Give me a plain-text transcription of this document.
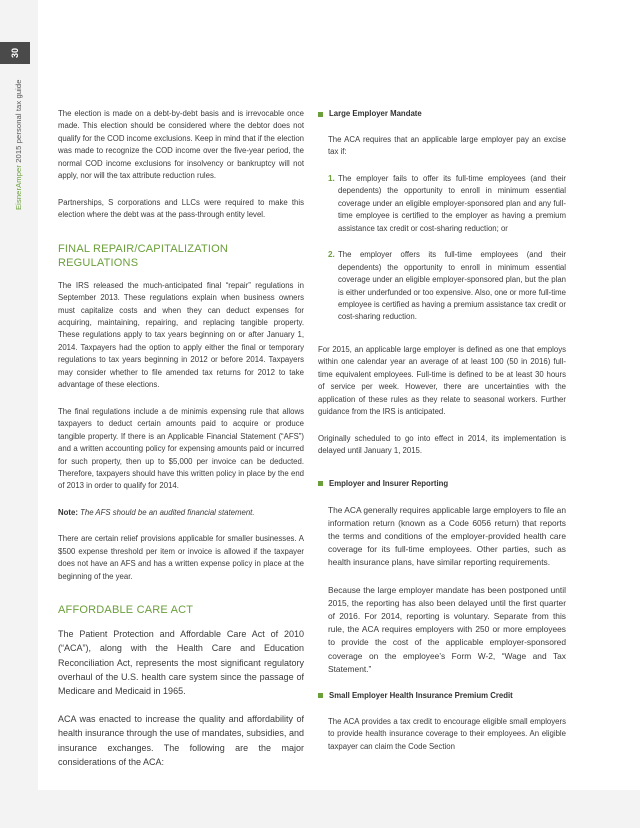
30
EisnerAmper 2015 personal tax guide	The election is made on a debt-by-debt basis and is irrevocable once made. This election should be considered where the debtor does not qualify for the COD income exclusions. Keep in mind that if the election was made to recognize the COD income over the five-year period, the normal COD income exclusions for insolvency or bankruptcy will not apply, nor will the tax attribute reduction rules.

Partnerships, S corporations and LLCs were required to make this election where the debt was at the pass-through entity level.

FINAL REPAIR/CAPITALIZATION REGULATIONS

The IRS released the much-anticipated final “repair” regulations in September 2013. These regulations explain when business owners must capitalize costs and when they can deduct expenses for acquiring, maintaining, repairing, and replacing tangible property. These regulations apply to tax years beginning on or after January 1, 2014. Taxpayers had the option to apply either the final or temporary regulations to tax years beginning in 2012 or before 2014. Taxpayers may consider whether to file amended tax returns for 2012 to take advantage of these elections.

The final regulations include a de minimis expensing rule that allows taxpayers to deduct certain amounts paid to acquire or produce tangible property. If there is an Applicable Financial Statement (“AFS”) and a written accounting policy for expensing amounts paid or incurred for such property, then up to $5,000 per invoice can be deducted. Therefore, taxpayers should have this written policy in place by the end of 2013 in order to qualify for 2014.

Note: The AFS should be an audited financial statement.

There are certain relief provisions applicable for smaller businesses. A $500 expense threshold per item or invoice is allowed if the taxpayer does not have an AFS and has a written expense policy in place at the beginning of the year.

AFFORDABLE CARE ACT

The Patient Protection and Affordable Care Act of 2010 (“ACA”), along with the Health Care and Education Reconciliation Act, represents the most significant regulatory overhaul of the U.S. health care system since the passage of Medicare and Medicaid in 1965.

ACA was enacted to increase the quality and affordability of health insurance through the use of mandates, subsidies, and insurance exchanges. The following are the major considerations of the ACA:

Large Employer Mandate

The ACA requires that an applicable large employer pay an excise tax if:

1. The employer fails to offer its full-time employees (and their dependents) the opportunity to enroll in minimum essential coverage under an eligible employer-sponsored plan and any full-time employee is certified to the employer as having a premium assistance tax credit or cost-sharing reduction; or

2. The employer offers its full-time employees (and their dependents) the opportunity to enroll in minimum essential coverage under an eligible employer-sponsored plan, but the plan is either underfunded or too expensive. Also, one or more full-time employee is certified as having a premium assistance tax credit or cost-sharing reduction.

For 2015, an applicable large employer is defined as one that employs within one calendar year an average of at least 100 (50 in 2016) full-time equivalent employees. Full-time is defined to be at least 30 hours of service per week. However, there are uncertainties with the application of these rules as they relate to seasonal workers. Further guidance from the IRS is anticipated.

Originally scheduled to go into effect in 2014, its implementation is delayed until January 1, 2015.

Employer and Insurer Reporting

The ACA generally requires applicable large employers to file an information return (known as a Code 6056 return) that reports the terms and conditions of the employer-provided health care coverage for its full-time employees. Other parties, such as health insurance plans, have similar reporting requirements.

Because the large employer mandate has been postponed until 2015, the reporting has also been delayed until the first quarter of 2016. For 2014, reporting is voluntary. Separate from this rule, the ACA requires employers with 250 or more employees to provide the cost of the applicable employer-sponsored coverage on the employee’s Form W-2, “Wage and Tax Statement.”

Small Employer Health Insurance Premium Credit

The ACA provides a tax credit to encourage eligible small employers to provide health insurance coverage to their employees. An eligible taxpayer can claim the Code Section
